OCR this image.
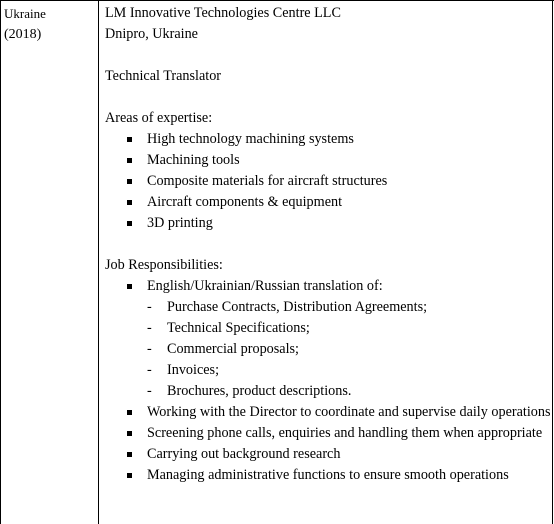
Ukraine
(2018)
LM Innovative Technologies Centre LLC
Dnipro, Ukraine
Technical Translator
Areas of expertise:
High technology machining systems
Machining tools
Composite materials for aircraft structures
Aircraft components & equipment
3D printing
Job Responsibilities:
English/Ukrainian/Russian translation of:
- Purchase Contracts, Distribution Agreements;
- Technical Specifications;
- Commercial proposals;
- Invoices;
- Brochures, product descriptions.
Working with the Director to coordinate and supervise daily operations
Screening phone calls, enquiries and handling them when appropriate
Carrying out background research
Managing administrative functions to ensure smooth operations
